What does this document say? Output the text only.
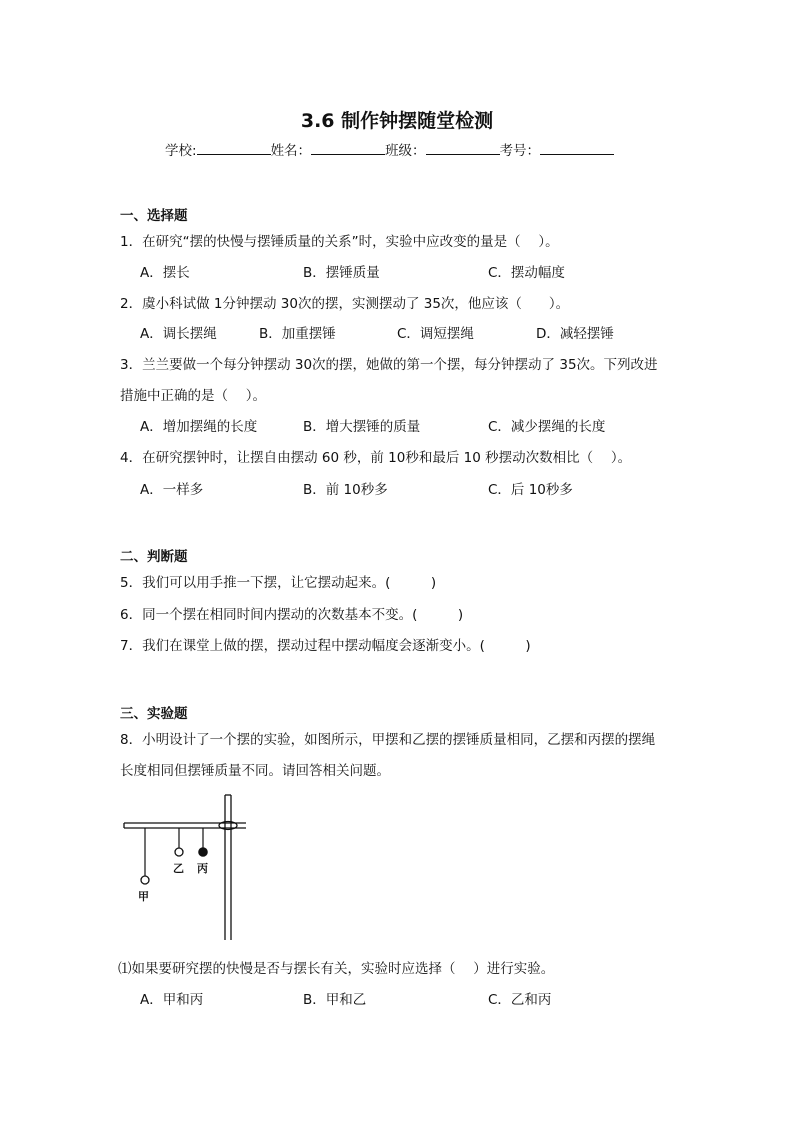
3.6 制作钟摆随堂检测
学校:	姓名：	班级：	考号：
一、选择题
1．在研究“摆的快慢与摆锤质量的关系”时，实验中应改变的量是（　 ）。
A．摆长	B．摆锤质量	C．摆动幅度
2．虞小科试做 1分钟摆动 30次的摆，实测摆动了 35次，他应该（　　）。
A．调长摆绳	B．加重摆锤	C．调短摆绳	D．减轻摆锤
3．兰兰要做一个每分钟摆动 30次的摆，她做的第一个摆，每分钟摆动了 35次。下列改进
措施中正确的是（　 ）。
A．增加摆绳的长度	B．增大摆锤的质量	C．减少摆绳的长度
4．在研究摆钟时，让摆自由摆动 60 秒，前 10秒和最后 10 秒摆动次数相比（　 ）。
A．一样多	B．前 10秒多	C．后 10秒多
二、判断题
5．我们可以用手推一下摆，让它摆动起来。(　　　)
6．同一个摆在相同时间内摆动的次数基本不变。(　　　)
7．我们在课堂上做的摆，摆动过程中摆动幅度会逐渐变小。(　　　)
三、实验题
8．小明设计了一个摆的实验，如图所示，甲摆和乙摆的摆锤质量相同，乙摆和丙摆的摆绳
长度相同但摆锤质量不同。请回答相关问题。
甲
乙 丙
⑴如果要研究摆的快慢是否与摆长有关，实验时应选择（　 ）进行实验。
A．甲和丙	B．甲和乙	C．乙和丙
